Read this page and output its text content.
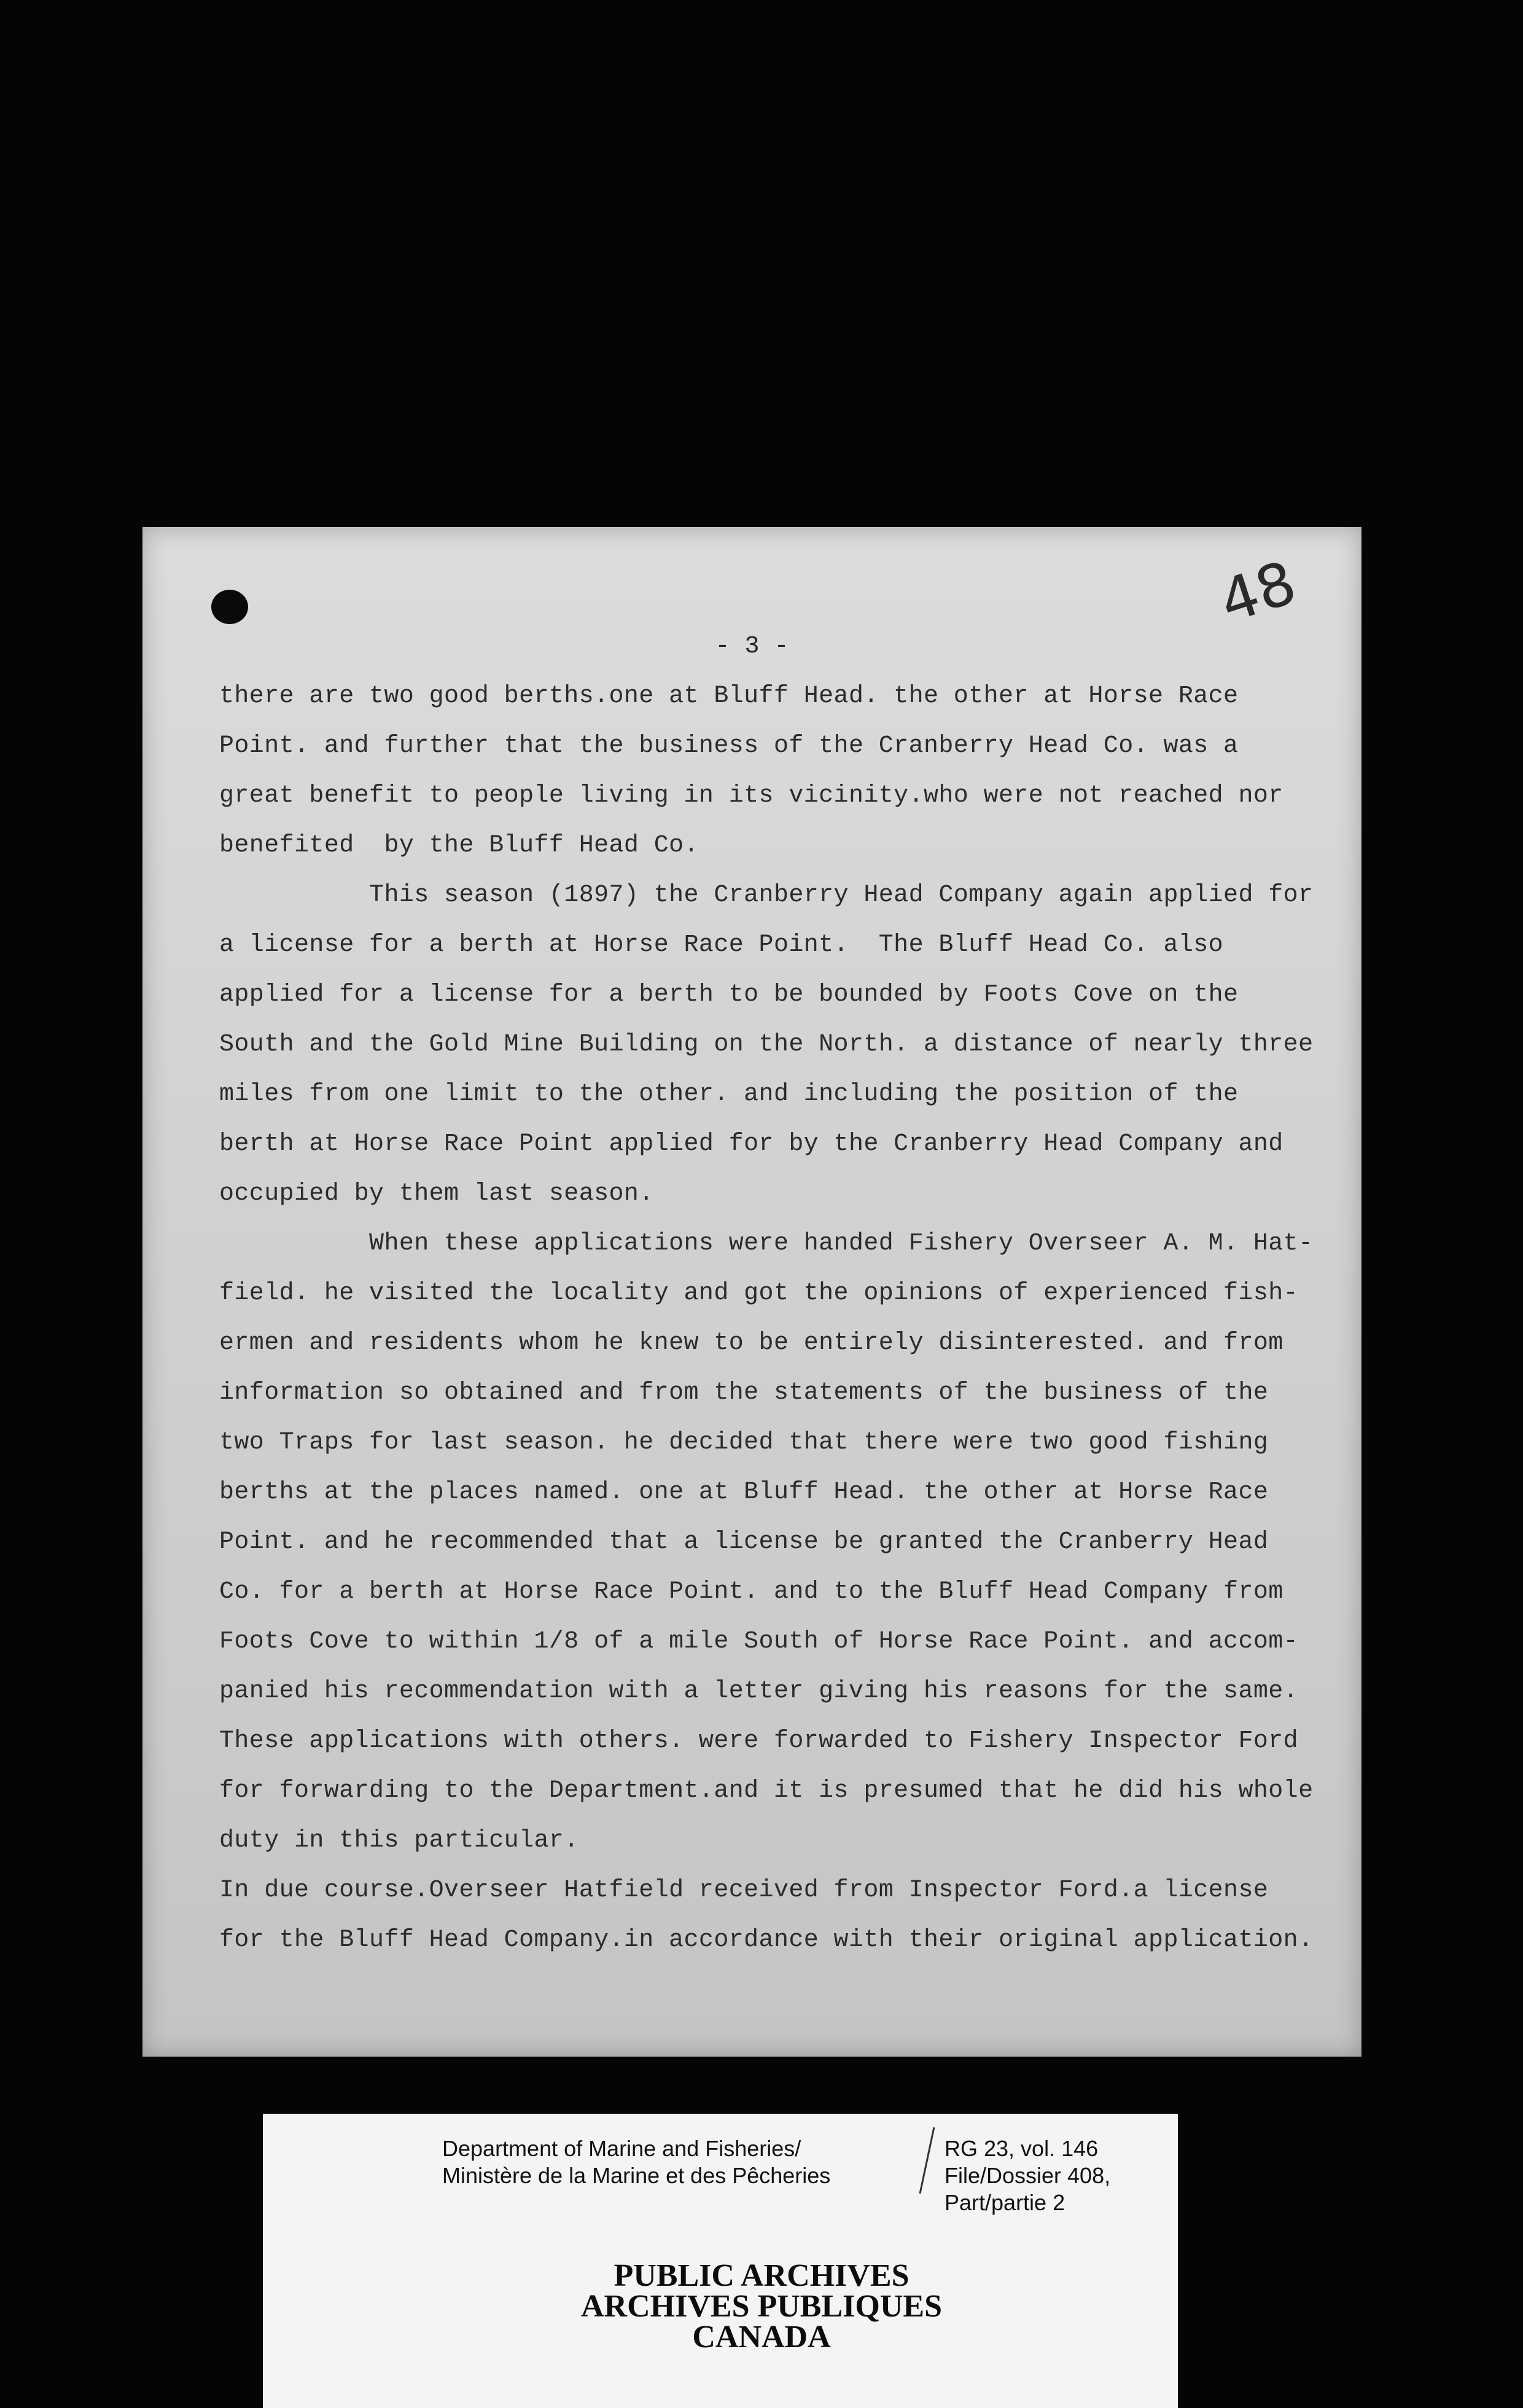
48
- 3 -
there are two good berths.one at Bluff Head. the other at Horse Race
Point. and further that the business of the Cranberry Head Co. was a
great benefit to people living in its vicinity.who were not reached nor
benefited  by the Bluff Head Co.
This season (1897) the Cranberry Head Company again applied for
a license for a berth at Horse Race Point.  The Bluff Head Co. also
applied for a license for a berth to be bounded by Foots Cove on the
South and the Gold Mine Building on the North. a distance of nearly three
miles from one limit to the other. and including the position of the
berth at Horse Race Point applied for by the Cranberry Head Company and
occupied by them last season.
When these applications were handed Fishery Overseer A. M. Hat-
field. he visited the locality and got the opinions of experienced fish-
ermen and residents whom he knew to be entirely disinterested. and from
information so obtained and from the statements of the business of the
two Traps for last season. he decided that there were two good fishing
berths at the places named. one at Bluff Head. the other at Horse Race
Point. and he recommended that a license be granted the Cranberry Head
Co. for a berth at Horse Race Point. and to the Bluff Head Company from
Foots Cove to within 1/8 of a mile South of Horse Race Point. and accom-
panied his recommendation with a letter giving his reasons for the same.
These applications with others. were forwarded to Fishery Inspector Ford
for forwarding to the Department.and it is presumed that he did his whole
duty in this particular.
In due course.Overseer Hatfield received from Inspector Ford.a license
for the Bluff Head Company.in accordance with their original application.
Department of Marine and Fisheries/
Ministère de la Marine et des Pêcheries
RG 23, vol. 146
File/Dossier 408,
Part/partie 2
PUBLIC ARCHIVES
ARCHIVES PUBLIQUES
CANADA
